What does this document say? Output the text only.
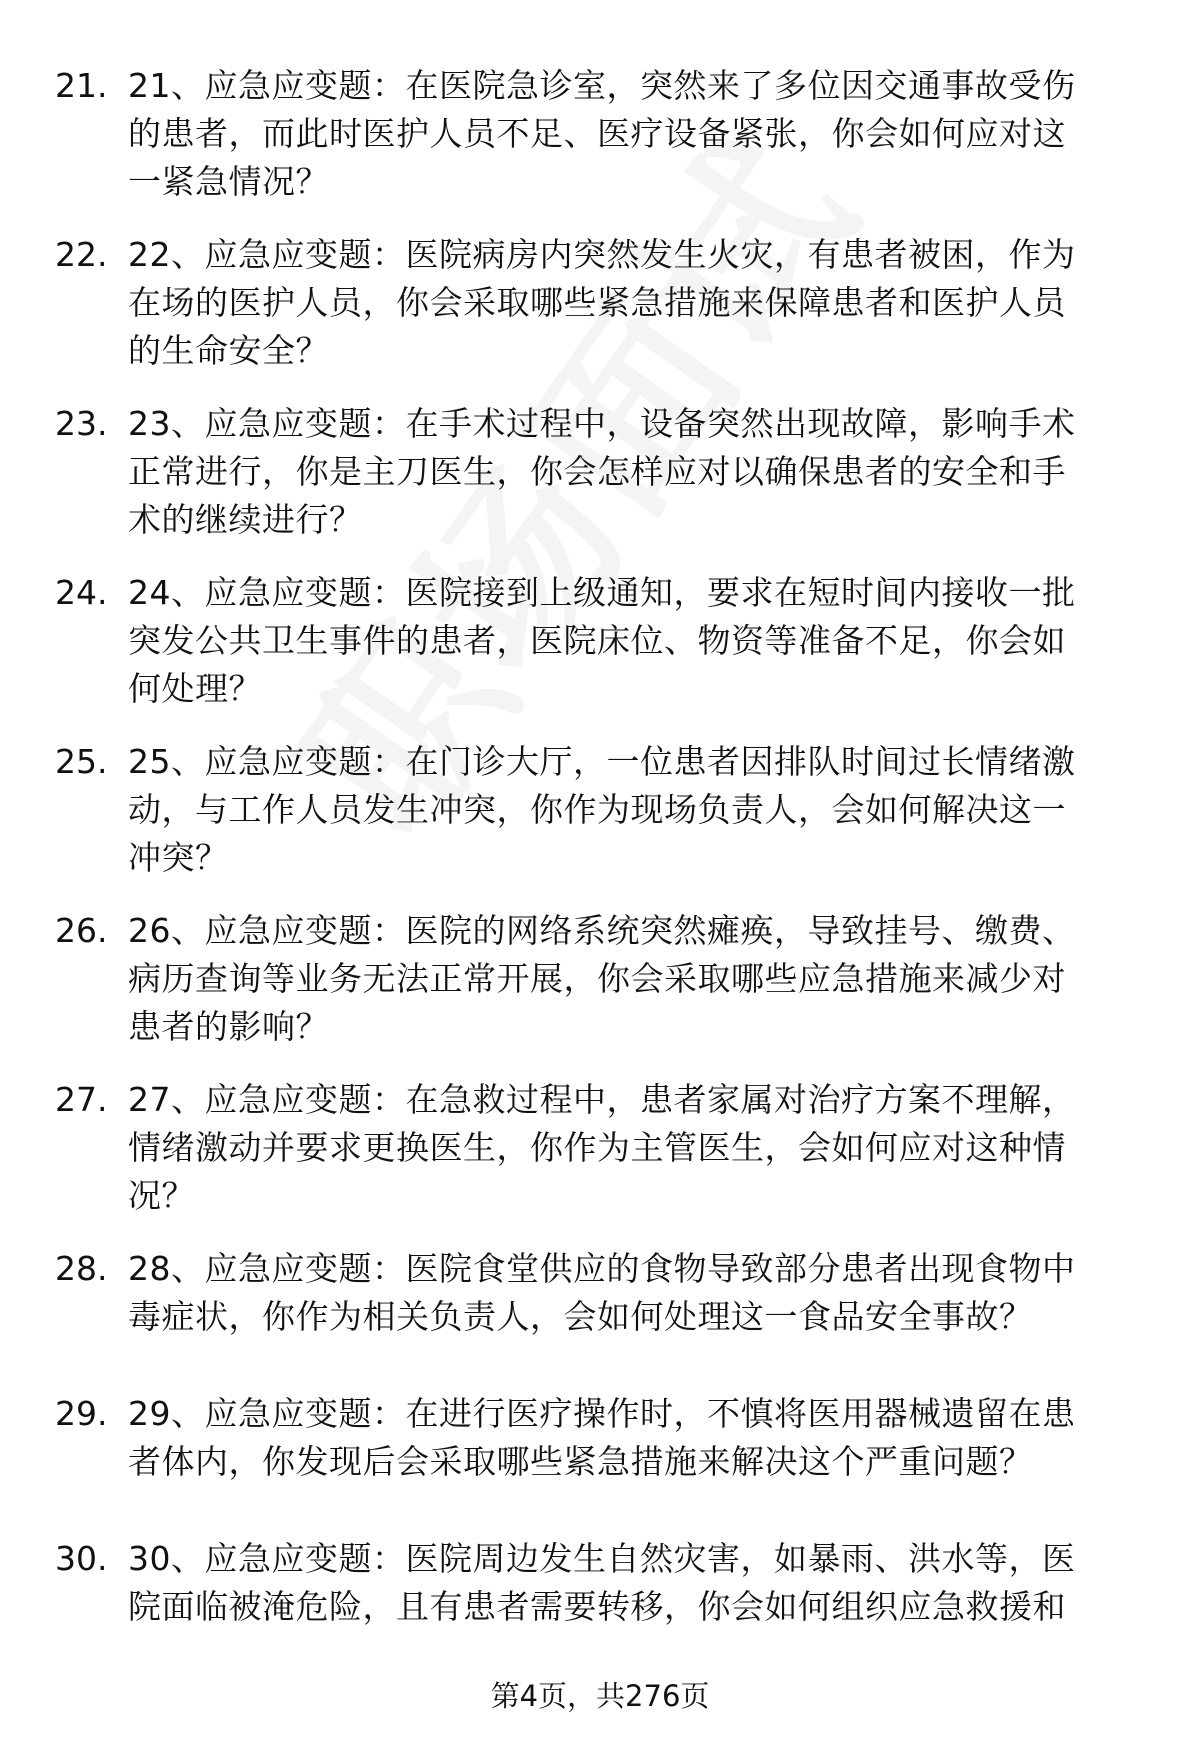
21. 21、应急应变题：在医院急诊室，突然来了多位因交通事故受伤
的患者，而此时医护人员不足、医疗设备紧张，你会如何应对这
一紧急情况？
22. 22、应急应变题：医院病房内突然发生火灾，有患者被困，作为
在场的医护人员，你会采取哪些紧急措施来保障患者和医护人员
的生命安全？
23. 23、应急应变题：在手术过程中，设备突然出现故障，影响手术
正常进行，你是主刀医生，你会怎样应对以确保患者的安全和手
术的继续进行？
24. 24、应急应变题：医院接到上级通知，要求在短时间内接收一批
突发公共卫生事件的患者，医院床位、物资等准备不足，你会如
何处理？
25. 25、应急应变题：在门诊大厅，一位患者因排队时间过长情绪激
动，与工作人员发生冲突，你作为现场负责人，会如何解决这一
冲突？
26. 26、应急应变题：医院的网络系统突然瘫痪，导致挂号、缴费、
病历查询等业务无法正常开展，你会采取哪些应急措施来减少对
患者的影响？
27. 27、应急应变题：在急救过程中，患者家属对治疗方案不理解，
情绪激动并要求更换医生，你作为主管医生，会如何应对这种情
况？
28. 28、应急应变题：医院食堂供应的食物导致部分患者出现食物中
毒症状，你作为相关负责人，会如何处理这一食品安全事故？
29. 29、应急应变题：在进行医疗操作时，不慎将医用器械遗留在患
者体内，你发现后会采取哪些紧急措施来解决这个严重问题？
30. 30、应急应变题：医院周边发生自然灾害，如暴雨、洪水等，医
院面临被淹危险，且有患者需要转移，你会如何组织应急救援和
第4页，共276页
